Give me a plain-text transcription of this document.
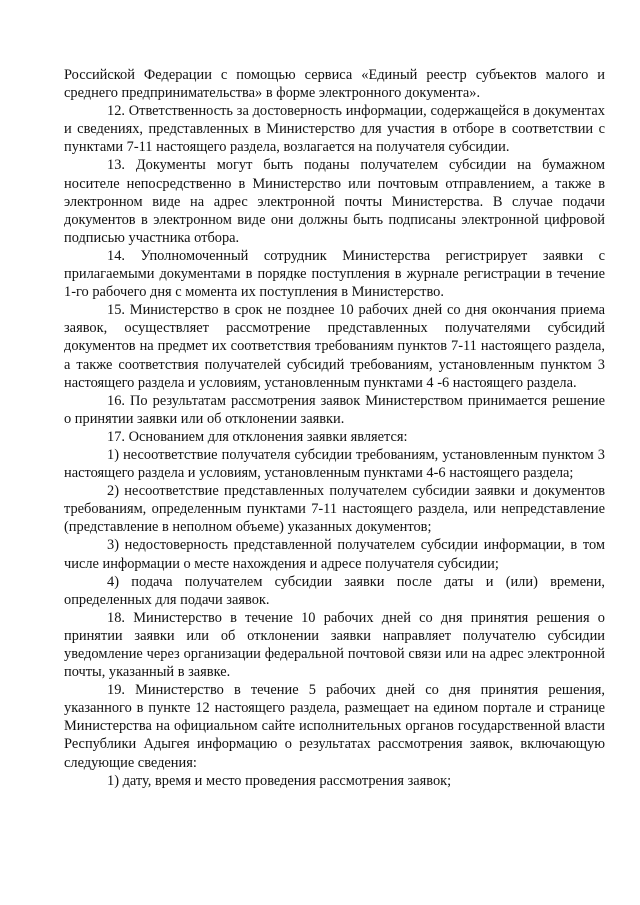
Российской Федерации с помощью сервиса «Единый реестр субъектов малого и среднего предпринимательства» в форме электронного документа».

12. Ответственность за достоверность информации, содержащейся в документах и сведениях, представленных в Министерство для участия в отборе в соответствии с пунктами 7-11 настоящего раздела, возлагается на получателя субсидии.

13. Документы могут быть поданы получателем субсидии на бумажном носителе непосредственно в Министерство или почтовым отправлением, а также в электронном виде на адрес электронной почты Министерства. В случае подачи документов в электронном виде они должны быть подписаны электронной цифровой подписью участника отбора.

14. Уполномоченный сотрудник Министерства регистрирует заявки с прилагаемыми документами в порядке поступления в журнале регистрации в течение 1-го рабочего дня с момента их поступления в Министерство.

15. Министерство в срок не позднее 10 рабочих дней со дня окончания приема заявок, осуществляет рассмотрение представленных получателями субсидий документов на предмет их соответствия требованиям пунктов 7-11 настоящего раздела, а также соответствия получателей субсидий требованиям, установленным пунктом 3 настоящего раздела и условиям, установленным пунктами 4 -6 настоящего раздела.

16. По результатам рассмотрения заявок Министерством принимается решение о принятии заявки или об отклонении заявки.

17. Основанием для отклонения заявки является:

1) несоответствие получателя субсидии требованиям, установленным пунктом 3 настоящего раздела и условиям, установленным пунктами 4-6 настоящего раздела;

2) несоответствие представленных получателем субсидии заявки и документов требованиям, определенным пунктами 7-11 настоящего раздела, или непредставление (представление в неполном объеме) указанных документов;

3) недостоверность представленной получателем субсидии информации, в том числе информации о месте нахождения и адресе получателя субсидии;

4) подача получателем субсидии заявки после даты и (или) времени, определенных для подачи заявок.

18. Министерство в течение 10 рабочих дней со дня принятия решения о принятии заявки или об отклонении заявки направляет получателю субсидии уведомление через организации федеральной почтовой связи или на адрес электронной почты, указанный в заявке.

19. Министерство в течение 5 рабочих дней со дня принятия решения, указанного в пункте 12 настоящего раздела, размещает на едином портале и странице Министерства на официальном сайте исполнительных органов государственной власти Республики Адыгея информацию о результатах рассмотрения заявок, включающую следующие сведения:

1) дату, время и место проведения рассмотрения заявок;
